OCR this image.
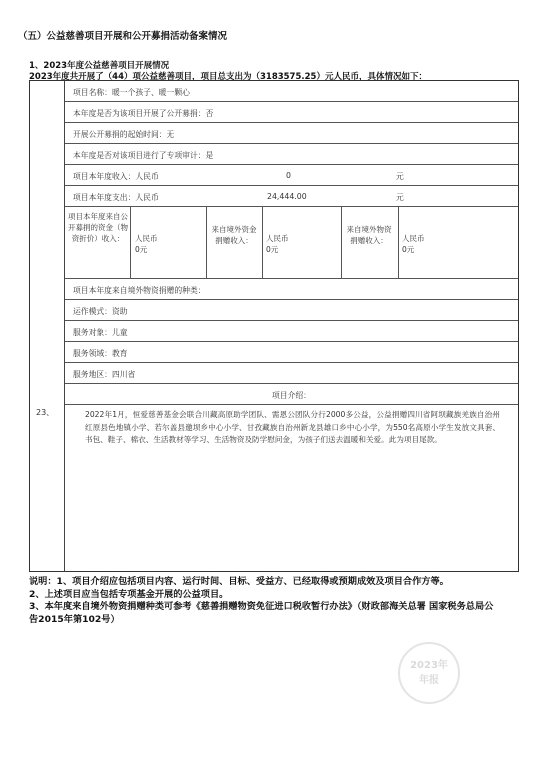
（五）公益慈善项目开展和公开募捐活动备案情况
1、2023年度公益慈善项目开展情况
2023年度共开展了（44）项公益慈善项目，项目总支出为（3183575.25）元人民币，具体情况如下：
23、
项目名称：暖一个孩子、暖一颗心
本年度是否为该项目开展了公开募捐：否
开展公开募捐的起始时间：无
本年度是否对该项目进行了专项审计：是
项目本年度收入：人民币	0	元
项目本年度支出：人民币	24,444.00	元
项目本年度来自公开募捐的资金（物资折价）收入：	人民币
0元
来自境外资金捐赠收入：	人民币
0元
来自境外物资捐赠收入：	人民币
0元
项目本年度来自境外物资捐赠的种类：
运作模式：资助
服务对象：儿童
服务领域：教育
服务地区：四川省
项目介绍：
2022年1月，恒爱慈善基金会联合川藏高原助学团队、需恩公团队分行2000多公益，公益捐赠四川省阿坝藏族羌族自治州红原县色地镇小学、若尔盖县邀坝乡中心小学、甘孜藏族自治州新龙县雄口乡中心小学，为550名高原小学生发放文具套、书包、鞋子、棉衣、生活教材等学习、生活物资及防学慰问金，为孩子们送去温暖和关爱。此为项目尾款。
说明：1、项目介绍应包括项目内容、运行时间、目标、受益方、已经取得或预期成效及项目合作方等。
2、上述项目应当包括专项基金开展的公益项目。
3、本年度来自境外物资捐赠种类可参考《慈善捐赠物资免征进口税收暂行办法》（财政部海关总署 国家税务总局公告2015年第102号）
2023年
年报
